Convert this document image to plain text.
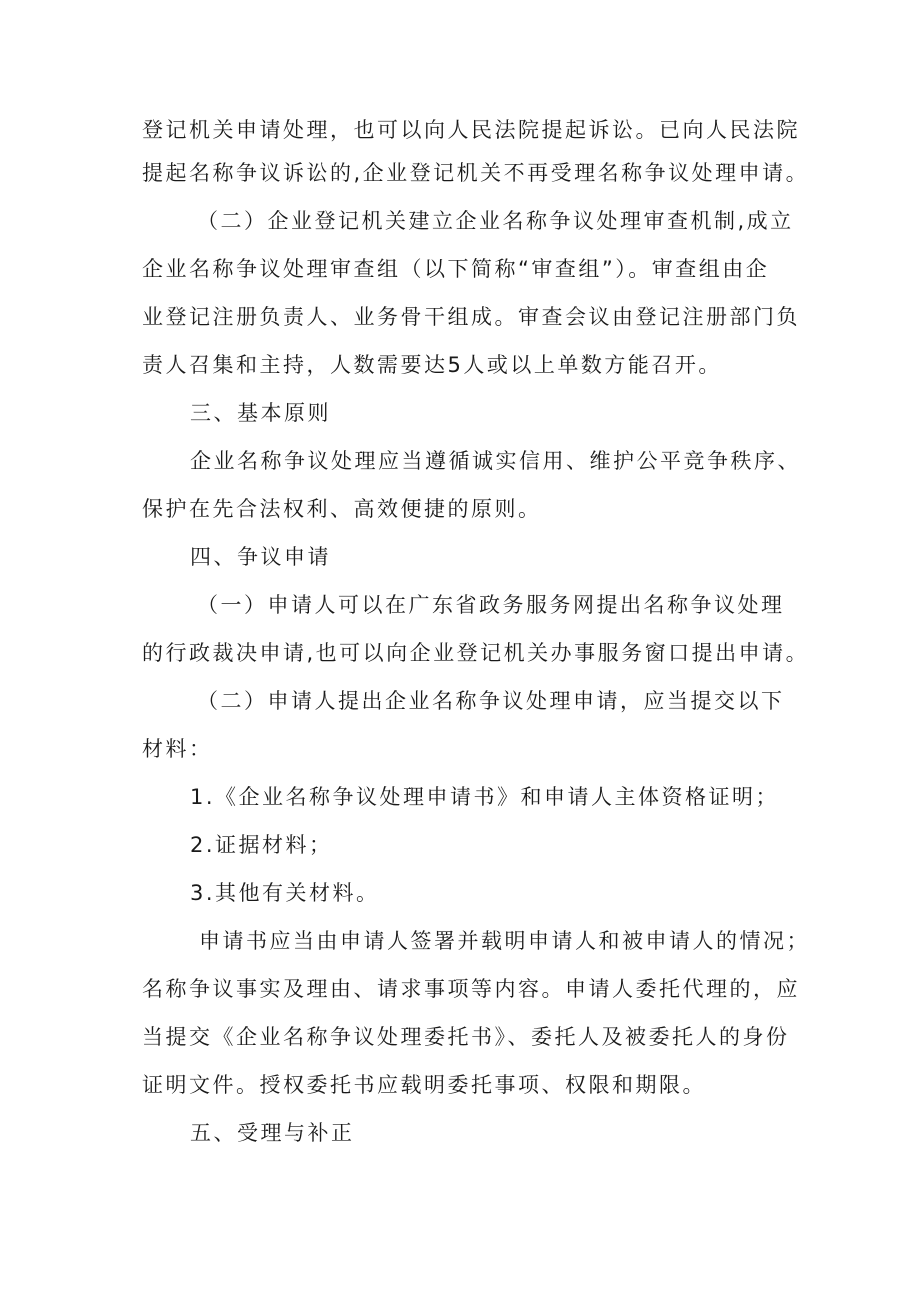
登记机关申请处理，也可以向人民法院提起诉讼。已向人民法院
提起名称争议诉讼的,企业登记机关不再受理名称争议处理申请。
（二）企业登记机关建立企业名称争议处理审查机制,成立
企业名称争议处理审查组（以下简称“审查组”）。审查组由企
业登记注册负责人、业务骨干组成。审查会议由登记注册部门负
责人召集和主持，人数需要达5人或以上单数方能召开。
三、基本原则
企业名称争议处理应当遵循诚实信用、维护公平竞争秩序、
保护在先合法权利、高效便捷的原则。
四、争议申请
（一）申请人可以在广东省政务服务网提出名称争议处理
的行政裁决申请,也可以向企业登记机关办事服务窗口提出申请。
（二）申请人提出企业名称争议处理申请，应当提交以下
材料：
1.《企业名称争议处理申请书》和申请人主体资格证明；
2.证据材料；
3.其他有关材料。
申请书应当由申请人签署并载明申请人和被申请人的情况；
名称争议事实及理由、请求事项等内容。申请人委托代理的，应
当提交《企业名称争议处理委托书》、委托人及被委托人的身份
证明文件。授权委托书应载明委托事项、权限和期限。
五、受理与补正
